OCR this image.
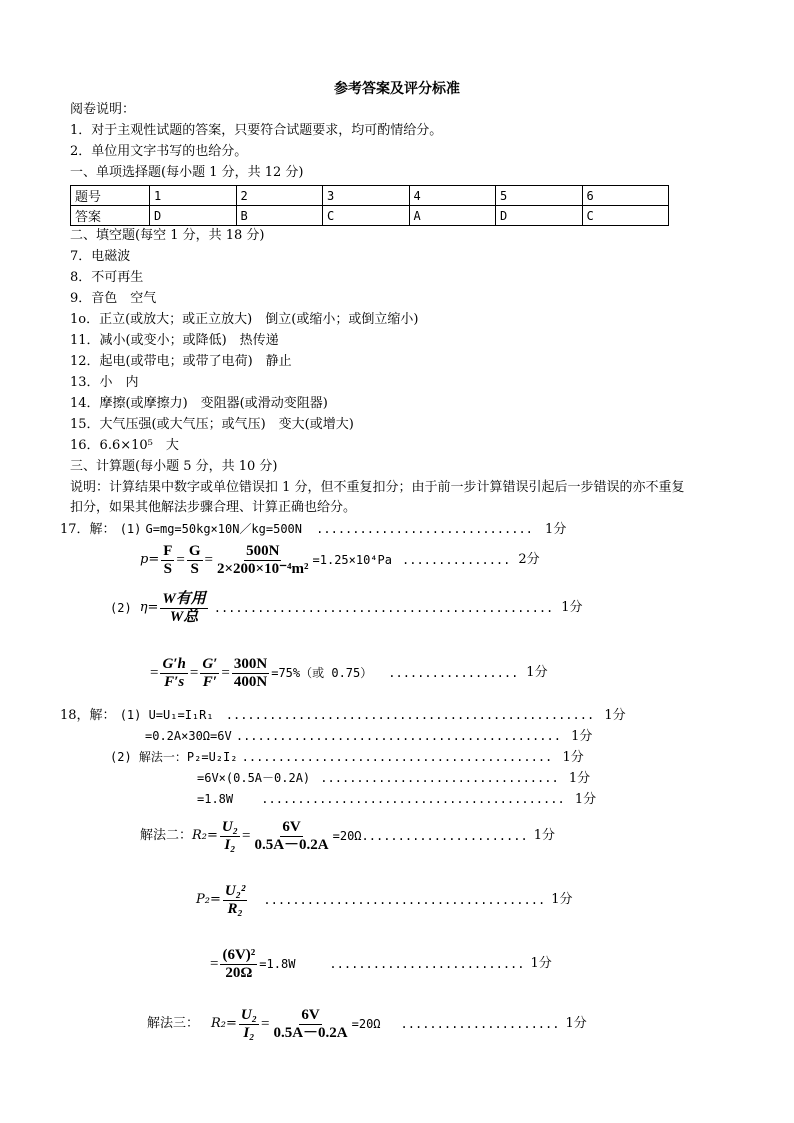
参考答案及评分标准
阅卷说明：
1．对于主观性试题的答案，只要符合试题要求，均可酌情给分。
2．单位用文字书写的也给分。
一、单项选择题(每小题 1 分，共 12 分)
题号	1	2	3	4	5	6
答案	D	B	C	A	D	C
二、填空题(每空 1 分，共 18 分)
7．电磁波
8．不可再生
9．音色　空气
1o．正立(或放大；或正立放大)　倒立(或缩小；或倒立缩小)
11．减小(或变小；或降低)　热传递
12．起电(或带电；或带了电荷)　静止
13．小　内
14．摩擦(或摩擦力)　变阻器(或滑动变阻器)
15．大气压强(或大气压；或气压)　变大(或增大)
16．6.6×10⁵　大
三、计算题(每小题 5 分，共 10 分)
说明：计算结果中数字或单位错误扣 1 分，但不重复扣分；由于前一步计算错误引起后一步错误的亦不重复
扣分，如果其他解法步骤合理、计算正确也给分。
17．解： (1) G=mg=50kg×10N／kg=500N .............................. 1分
$p= \frac{F}{S} = \frac{G}{S} = \frac{500N}{\text{2×200×10⁻⁴m²}} =1.25\times 10^4Pa$ ............... 2分
(2) $\eta= \frac{\text{W有用}}{\text{W总}}$ ............................................... 1分
= $\frac{G'h}{F's} = \frac{G'}{F'} = \frac{300N}{400N} =75\%$（或 0.75） .................. 1分
18，解： (1) U=U₁=I₁R₁ ................................................... 1分
=0.2A×30Ω=6V ............................................. 1分
(2) 解法一：P₂=U₂I₂ ........................................... 1分
=6V×(0.5A－0.2A) ................................. 1分
=1.8W .......................................... 1分
解法二： $R_2= \frac{\text{U₂}}{\text{I₂}} = \frac{6V}{0.5A-0.2A} =20\Omega$ ....................... 1分
$P_2= \frac{\text{U₂²}}{\text{R₂}}$ ....................................... 1分
= $\frac{\text{(6V)²}}{20\Omega} =1.8W$	........................... 1分
解法三： $R_2= \frac{\text{U₂}}{\text{I₂}} = \frac{6V}{0.5A-0.2A} =20\Omega$ ...................... 1分
